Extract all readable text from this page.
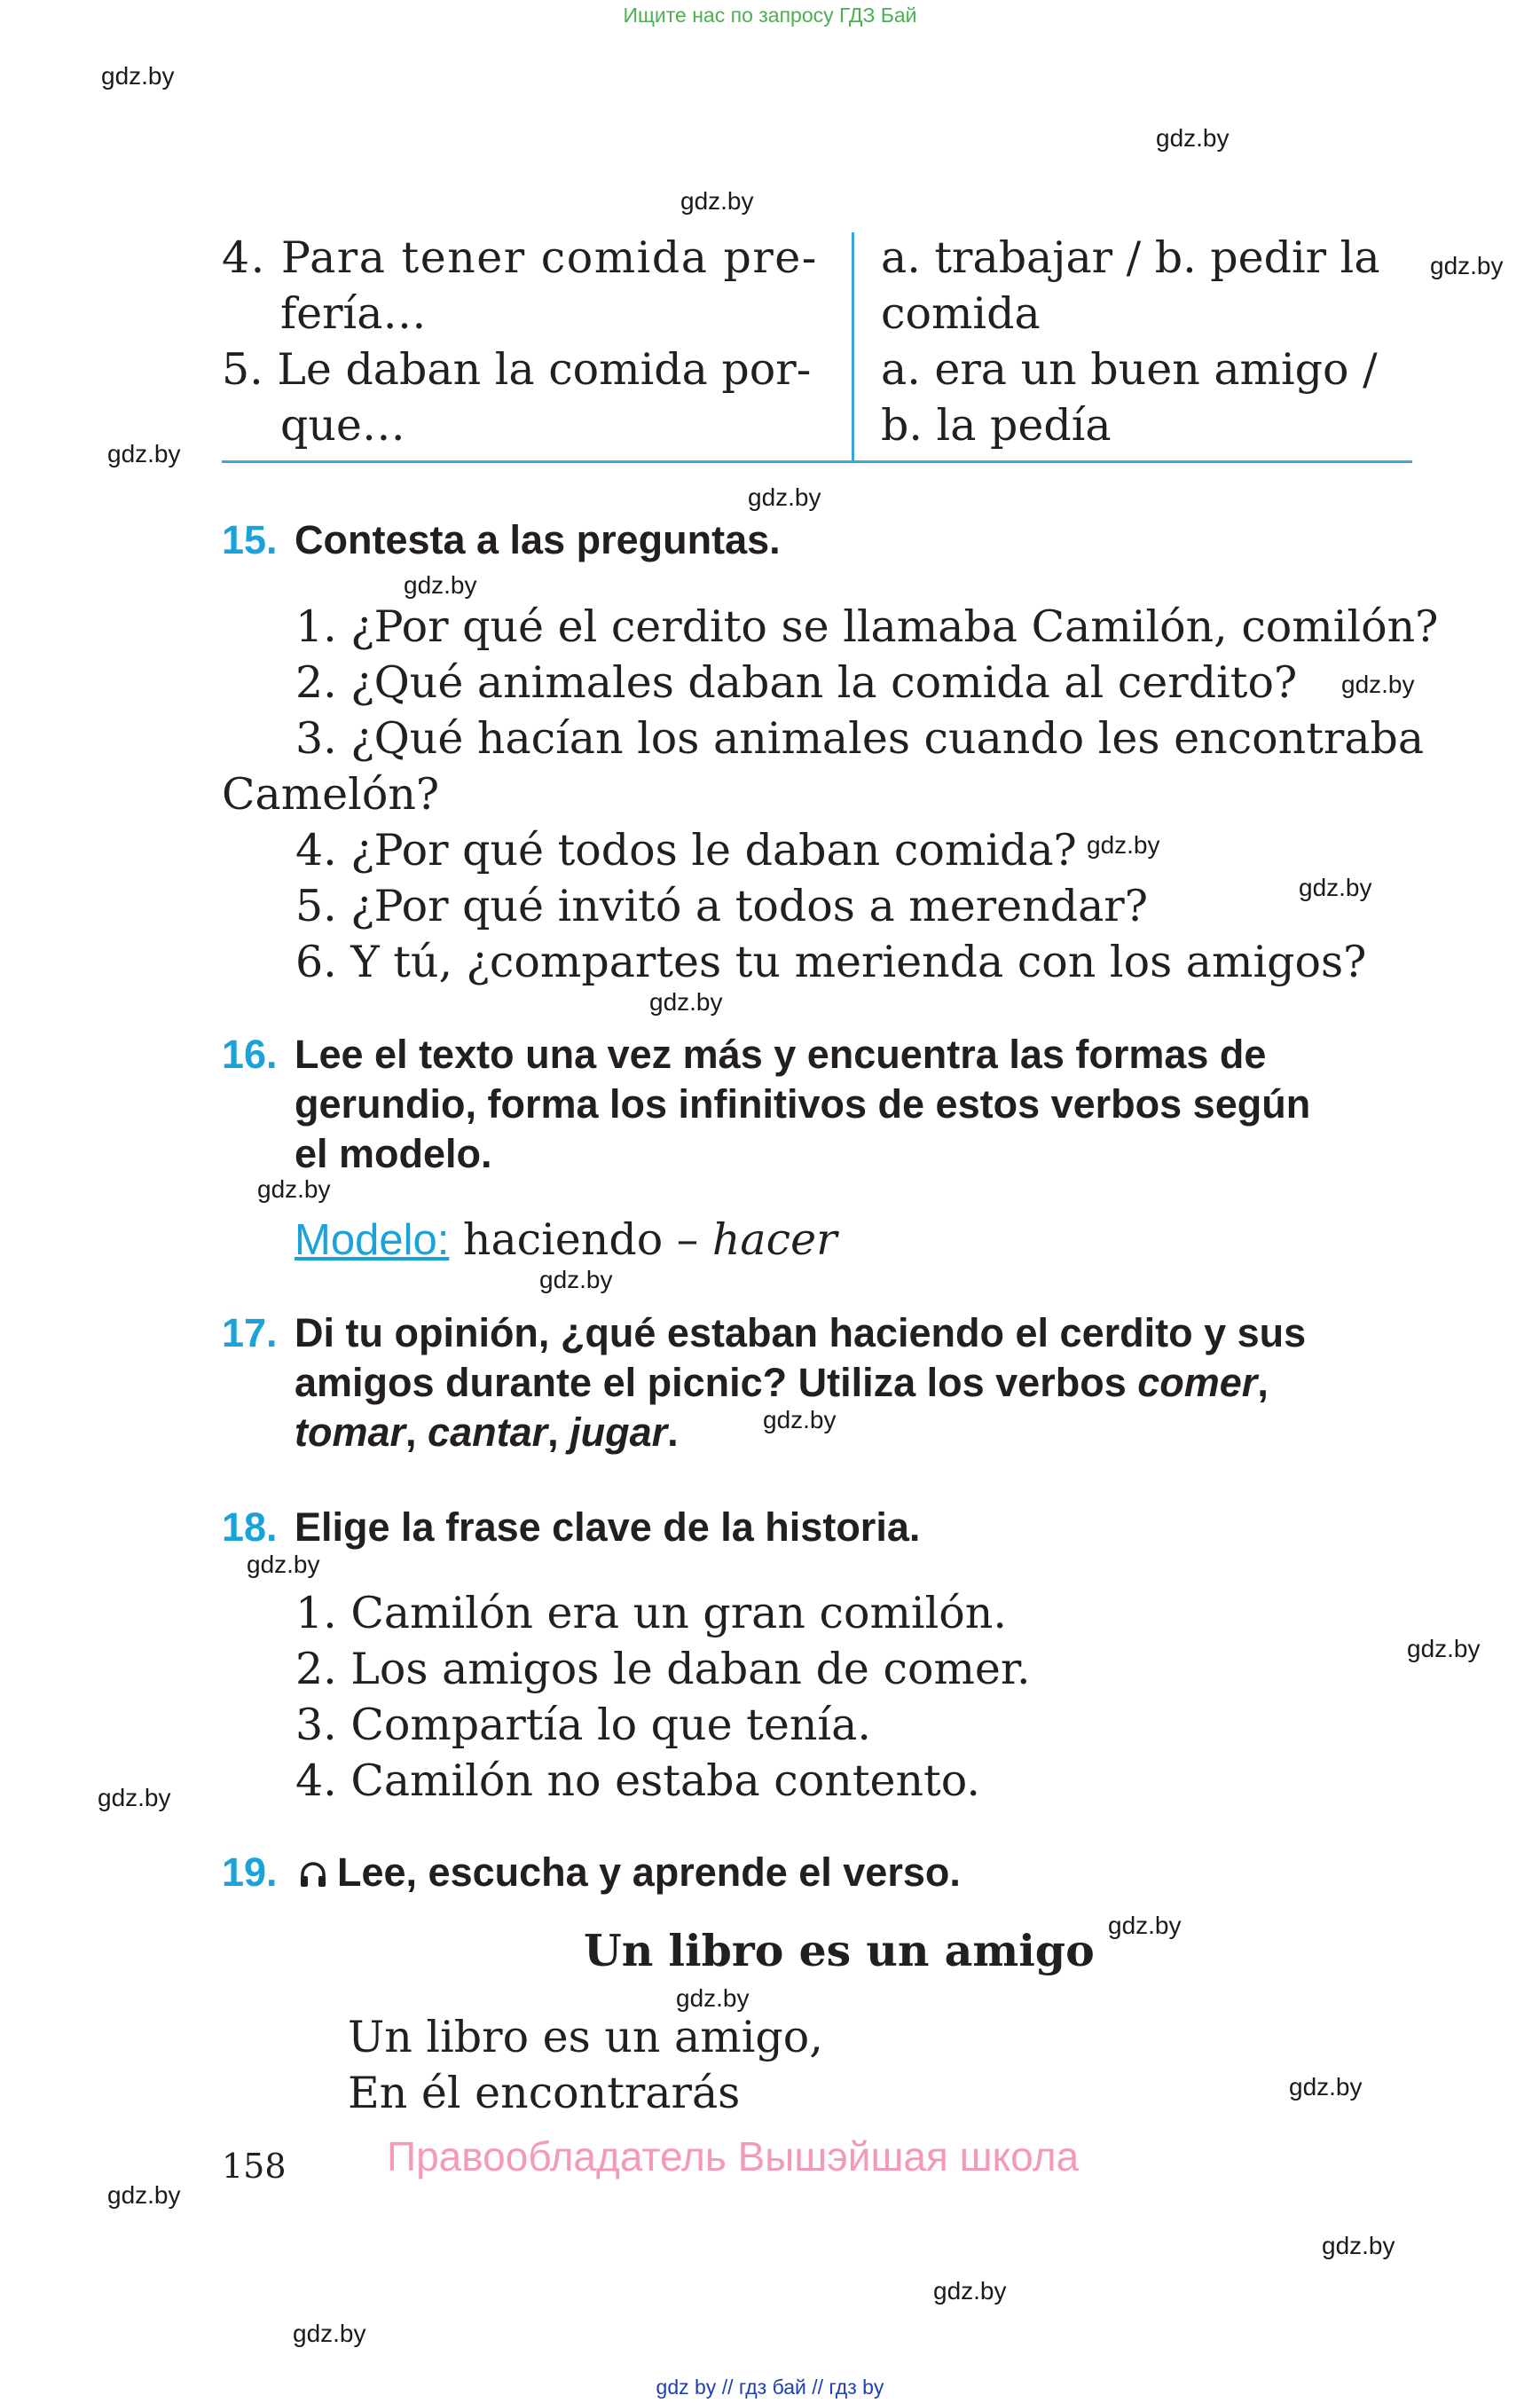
Ищите нас по запросу ГДЗ Бай
gdz by // гдз бай // гдз by
gdz.by
gdz.by
gdz.by
gdz.by
gdz.by
gdz.by
gdz.by
gdz.by
gdz.by
gdz.by
gdz.by
gdz.by
gdz.by
gdz.by
gdz.by
gdz.by
gdz.by
gdz.by
gdz.by
gdz.by
gdz.by
gdz.by
gdz.by
gdz.by
4. Para tener comida pre-
fería…
5. Le daban la comida por-
que…
a. trabajar / b. pedir la
comida
a. era un buen amigo /
b. la pedía
15. Contesta a las preguntas.
1. ¿Por qué el cerdito se llamaba Camilón, comilón?
2. ¿Qué animales daban la comida al cerdito?
3. ¿Qué hacían los animales cuando les encontraba
Camelón?
4. ¿Por qué todos le daban comida?
5. ¿Por qué invitó a todos a merendar?
6. Y tú, ¿compartes tu merienda con los amigos?
16. Lee el texto una vez más y encuentra las formas de
gerundio, forma los infinitivos de estos verbos según
el modelo.
Modelo: haciendo – hacer
17. Di tu opinión, ¿qué estaban haciendo el cerdito y sus
amigos durante el picnic? Utiliza los verbos comer,
tomar, cantar, jugar.
18. Elige la frase clave de la historia.
1. Camilón era un gran comilón.
2. Los amigos le daban de comer.
3. Compartía lo que tenía.
4. Camilón no estaba contento.
19.	Lee, escucha y aprende el verso.
Un libro es un amigo
Un libro es un amigo,
En él encontrarás
158 Правообладатель Вышэйшая школа
